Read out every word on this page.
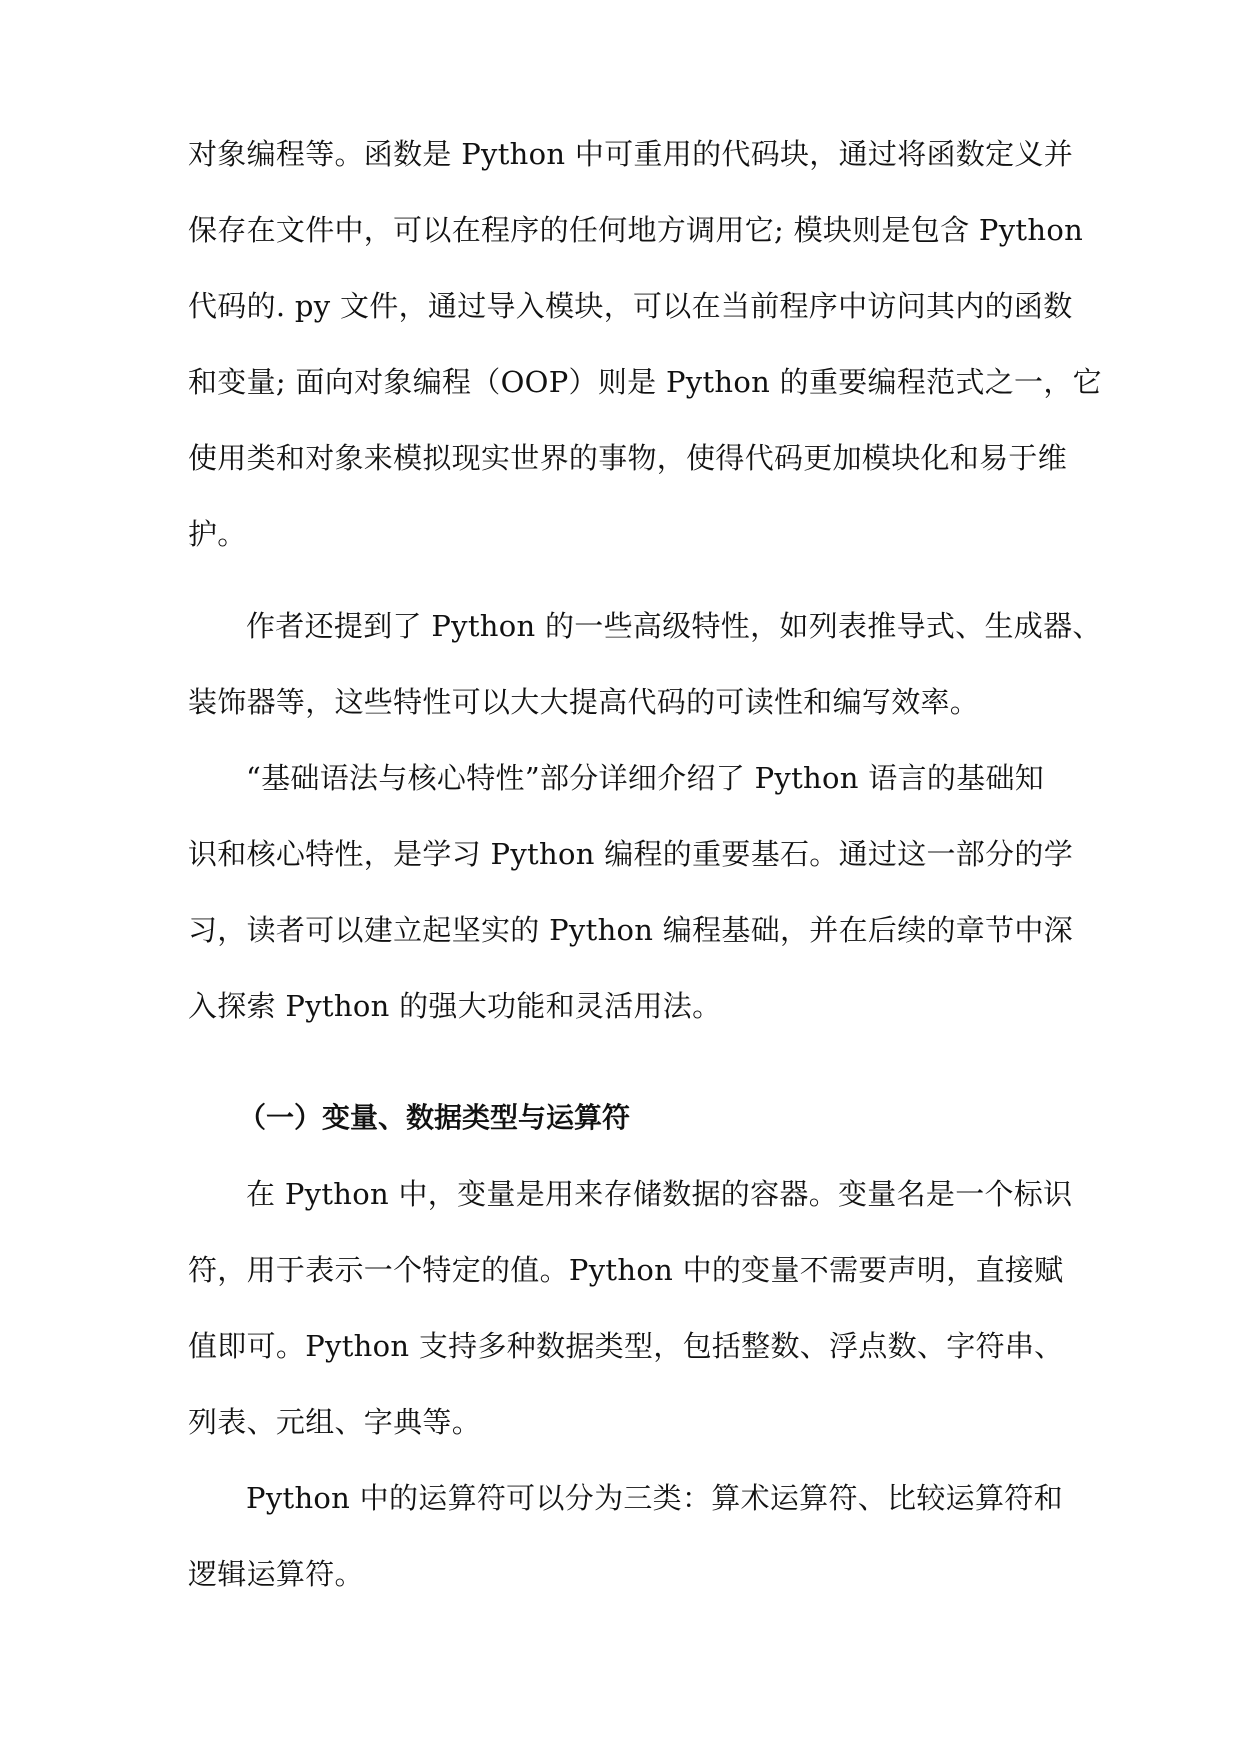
对象编程等。函数是 Python 中可重用的代码块，通过将函数定义并
保存在文件中，可以在程序的任何地方调用它; 模块则是包含 Python
代码的. py 文件，通过导入模块，可以在当前程序中访问其内的函数
和变量; 面向对象编程（OOP）则是 Python 的重要编程范式之一，它
使用类和对象来模拟现实世界的事物，使得代码更加模块化和易于维
护。
作者还提到了 Python 的一些高级特性，如列表推导式、生成器、
装饰器等，这些特性可以大大提高代码的可读性和编写效率。
“基础语法与核心特性”部分详细介绍了 Python 语言的基础知
识和核心特性，是学习 Python 编程的重要基石。通过这一部分的学
习，读者可以建立起坚实的 Python 编程基础，并在后续的章节中深
入探索 Python 的强大功能和灵活用法。
（一）变量、数据类型与运算符
在 Python 中，变量是用来存储数据的容器。变量名是一个标识
符，用于表示一个特定的值。Python 中的变量不需要声明，直接赋
值即可。Python 支持多种数据类型，包括整数、浮点数、字符串、
列表、元组、字典等。
Python 中的运算符可以分为三类：算术运算符、比较运算符和
逻辑运算符。
